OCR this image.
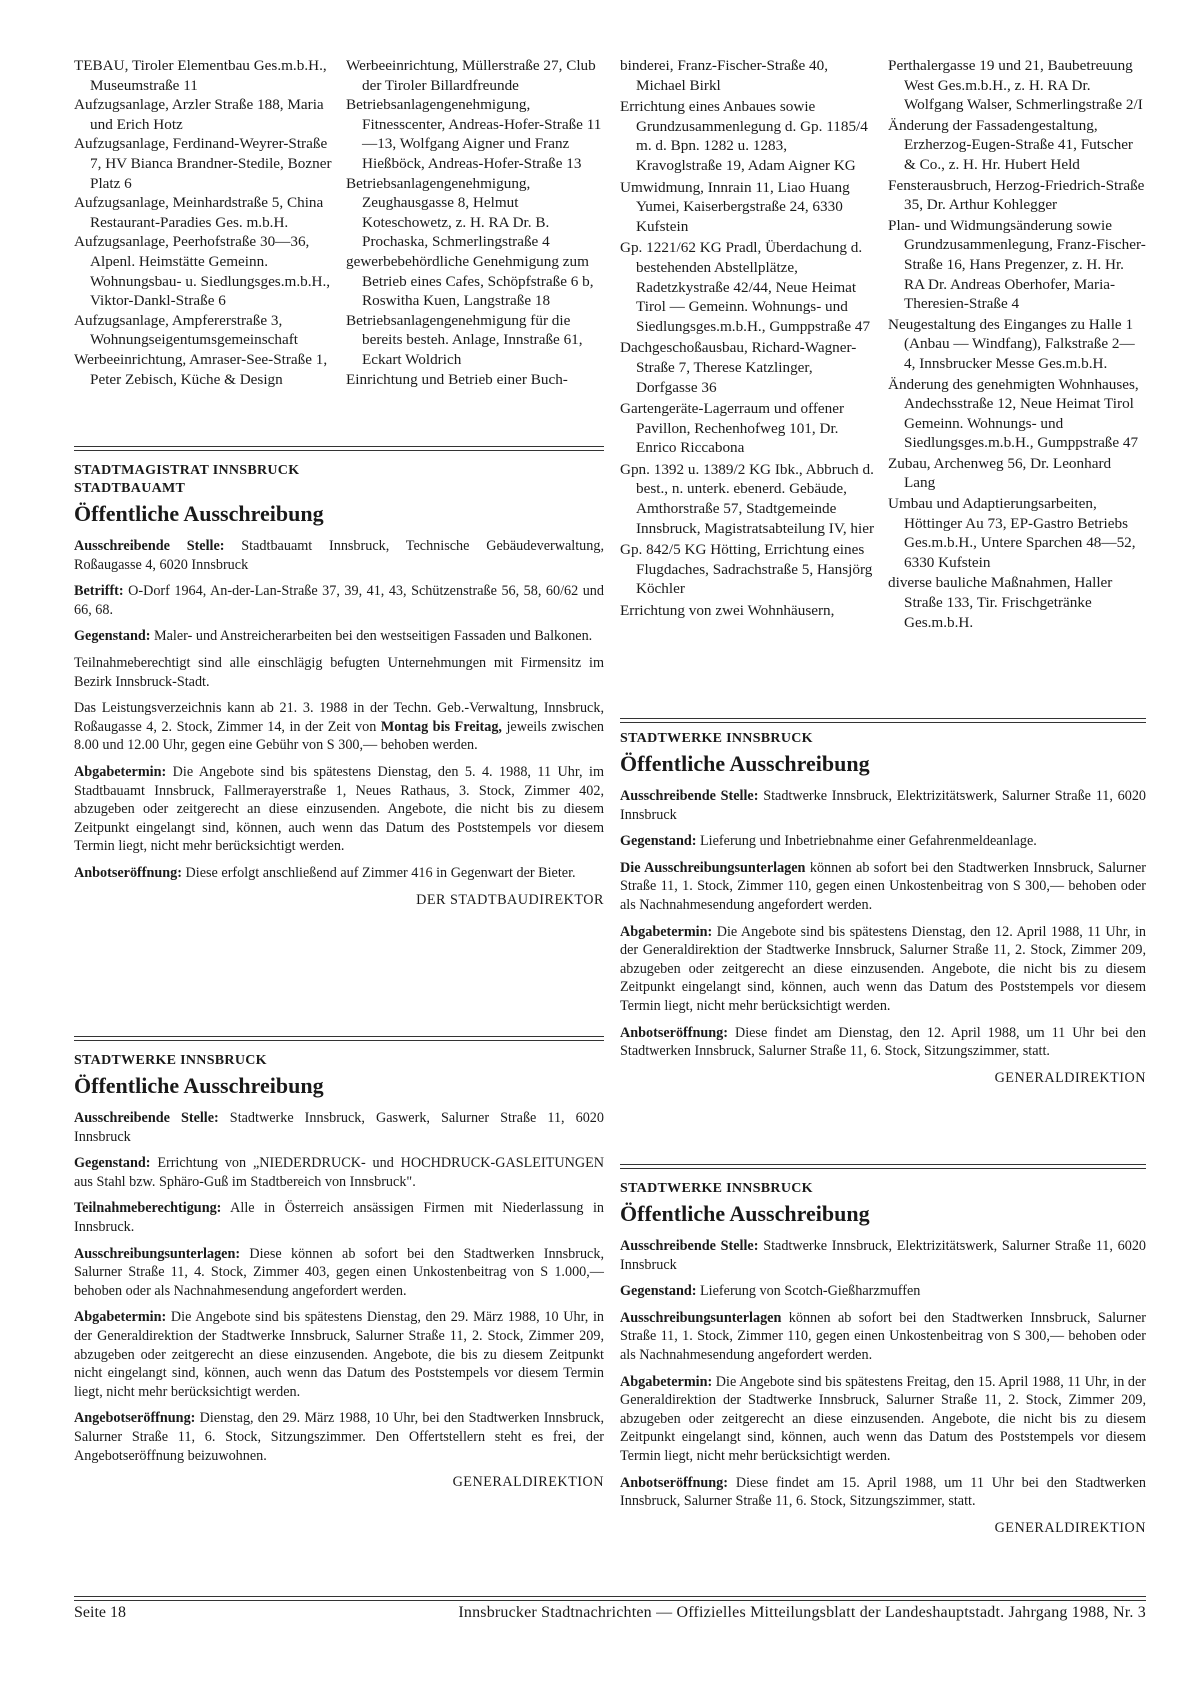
TEBAU, Tiroler Elementbau Ges.m.b.H., Museumstraße 11

Aufzugsanlage, Arzler Straße 188, Maria und Erich Hotz

Aufzugsanlage, Ferdinand-Weyrer-Straße 7, HV Bianca Brandner-Stedile, Bozner Platz 6

Aufzugsanlage, Meinhardstraße 5, China Restaurant-Paradies Ges. m.b.H.

Aufzugsanlage, Peerhofstraße 30—36, Alpenl. Heimstätte Gemeinn. Wohnungsbau- u. Siedlungsges.m.b.H., Viktor-Dankl-Straße 6

Aufzugsanlage, Ampfererstraße 3, Wohnungseigentumsgemeinschaft

Werbeeinrichtung, Amraser-See-Straße 1, Peter Zebisch, Küche & Design

Werbeeinrichtung, Müllerstraße 27, Club der Tiroler Billardfreunde

Betriebsanlagengenehmigung, Fitnesscenter, Andreas-Hofer-Straße 11—13, Wolfgang Aigner und Franz Hießböck, Andreas-Hofer-Straße 13

Betriebsanlagengenehmigung, Zeughausgasse 8, Helmut Koteschowetz, z. H. RA Dr. B. Prochaska, Schmerlingstraße 4

gewerbebehördliche Genehmigung zum Betrieb eines Cafes, Schöpfstraße 6 b, Roswitha Kuen, Langstraße 18

Betriebsanlagengenehmigung für die bereits besteh. Anlage, Innstraße 61, Eckart Woldrich

Einrichtung und Betrieb einer Buch-

binderei, Franz-Fischer-Straße 40, Michael Birkl

Errichtung eines Anbaues sowie Grundzusammenlegung d. Gp. 1185/4 m. d. Bpn. 1282 u. 1283, Kravoglstraße 19, Adam Aigner KG

Umwidmung, Innrain 11, Liao Huang Yumei, Kaiserbergstraße 24, 6330 Kufstein

Gp. 1221/62 KG Pradl, Überdachung d. bestehenden Abstellplätze, Radetzkystraße 42/44, Neue Heimat Tirol — Gemeinn. Wohnungs- und Siedlungsges.m.b.H., Gumppstraße 47

Dachgeschoßausbau, Richard-Wagner-Straße 7, Therese Katzlinger, Dorfgasse 36

Gartengeräte-Lagerraum und offener Pavillon, Rechenhofweg 101, Dr. Enrico Riccabona

Gpn. 1392 u. 1389/2 KG Ibk., Abbruch d. best., n. unterk. ebenerd. Gebäude, Amthorstraße 57, Stadtgemeinde Innsbruck, Magistratsabteilung IV, hier

Gp. 842/5 KG Hötting, Errichtung eines Flugdaches, Sadrachstraße 5, Hansjörg Köchler

Errichtung von zwei Wohnhäusern,

Perthalergasse 19 und 21, Baubetreuung West Ges.m.b.H., z. H. RA Dr. Wolfgang Walser, Schmerlingstraße 2/I

Änderung der Fassadengestaltung, Erzherzog-Eugen-Straße 41, Futscher & Co., z. H. Hr. Hubert Held

Fensterausbruch, Herzog-Friedrich-Straße 35, Dr. Arthur Kohlegger

Plan- und Widmungsänderung sowie Grundzusammenlegung, Franz-Fischer-Straße 16, Hans Pregenzer, z. H. Hr. RA Dr. Andreas Oberhofer, Maria-Theresien-Straße 4

Neugestaltung des Einganges zu Halle 1 (Anbau — Windfang), Falkstraße 2—4, Innsbrucker Messe Ges.m.b.H.

Änderung des genehmigten Wohnhauses, Andechsstraße 12, Neue Heimat Tirol Gemeinn. Wohnungs- und Siedlungsges.m.b.H., Gumppstraße 47

Zubau, Archenweg 56, Dr. Leonhard Lang

Umbau und Adaptierungsarbeiten, Höttinger Au 73, EP-Gastro Betriebs Ges.m.b.H., Untere Sparchen 48—52, 6330 Kufstein

diverse bauliche Maßnahmen, Haller Straße 133, Tir. Frischgetränke Ges.m.b.H.

STADTMAGISTRAT INNSBRUCK
STADTBAUAMT
Öffentliche Ausschreibung

Ausschreibende Stelle: Stadtbauamt Innsbruck, Technische Gebäudeverwaltung, Roßaugasse 4, 6020 Innsbruck

Betrifft: O-Dorf 1964, An-der-Lan-Straße 37, 39, 41, 43, Schützenstraße 56, 58, 60/62 und 66, 68.

Gegenstand: Maler- und Anstreicherarbeiten bei den westseitigen Fassaden und Balkonen.

Teilnahmeberechtigt sind alle einschlägig befugten Unternehmungen mit Firmensitz im Bezirk Innsbruck-Stadt.

Das Leistungsverzeichnis kann ab 21. 3. 1988 in der Techn. Geb.-Verwaltung, Innsbruck, Roßaugasse 4, 2. Stock, Zimmer 14, in der Zeit von Montag bis Freitag, jeweils zwischen 8.00 und 12.00 Uhr, gegen eine Gebühr von S 300,— behoben werden.

Abgabetermin: Die Angebote sind bis spätestens Dienstag, den 5. 4. 1988, 11 Uhr, im Stadtbauamt Innsbruck, Fallmerayerstraße 1, Neues Rathaus, 3. Stock, Zimmer 402, abzugeben oder zeitgerecht an diese einzusenden. Angebote, die nicht bis zu diesem Zeitpunkt eingelangt sind, können, auch wenn das Datum des Poststempels vor diesem Termin liegt, nicht mehr berücksichtigt werden.

Anbotseröffnung: Diese erfolgt anschließend auf Zimmer 416 in Gegenwart der Bieter.

DER STADTBAUDIREKTOR
STADTWERKE INNSBRUCK
Öffentliche Ausschreibung

Ausschreibende Stelle: Stadtwerke Innsbruck, Gaswerk, Salurner Straße 11, 6020 Innsbruck

Gegenstand: Errichtung von „NIEDERDRUCK- und HOCHDRUCK-GASLEITUNGEN aus Stahl bzw. Sphäro-Guß im Stadtbereich von Innsbruck".

Teilnahmeberechtigung: Alle in Österreich ansässigen Firmen mit Niederlassung in Innsbruck.

Ausschreibungsunterlagen: Diese können ab sofort bei den Stadtwerken Innsbruck, Salurner Straße 11, 4. Stock, Zimmer 403, gegen einen Unkostenbeitrag von S 1.000,— behoben oder als Nachnahmesendung angefordert werden.

Abgabetermin: Die Angebote sind bis spätestens Dienstag, den 29. März 1988, 10 Uhr, in der Generaldirektion der Stadtwerke Innsbruck, Salurner Straße 11, 2. Stock, Zimmer 209, abzugeben oder zeitgerecht an diese einzusenden. Angebote, die bis zu diesem Zeitpunkt nicht eingelangt sind, können, auch wenn das Datum des Poststempels vor diesem Termin liegt, nicht mehr berücksichtigt werden.

Angebotseröffnung: Dienstag, den 29. März 1988, 10 Uhr, bei den Stadtwerken Innsbruck, Salurner Straße 11, 6. Stock, Sitzungszimmer. Den Offertstellern steht es frei, der Angebotseröffnung beizuwohnen.

GENERALDIREKTION
STADTWERKE INNSBRUCK
Öffentliche Ausschreibung

Ausschreibende Stelle: Stadtwerke Innsbruck, Elektrizitätswerk, Salurner Straße 11, 6020 Innsbruck

Gegenstand: Lieferung und Inbetriebnahme einer Gefahrenmeldeanlage.

Die Ausschreibungsunterlagen können ab sofort bei den Stadtwerken Innsbruck, Salurner Straße 11, 1. Stock, Zimmer 110, gegen einen Unkostenbeitrag von S 300,— behoben oder als Nachnahmesendung angefordert werden.

Abgabetermin: Die Angebote sind bis spätestens Dienstag, den 12. April 1988, 11 Uhr, in der Generaldirektion der Stadtwerke Innsbruck, Salurner Straße 11, 2. Stock, Zimmer 209, abzugeben oder zeitgerecht an diese einzusenden. Angebote, die nicht bis zu diesem Zeitpunkt eingelangt sind, können, auch wenn das Datum des Poststempels vor diesem Termin liegt, nicht mehr berücksichtigt werden.

Anbotseröffnung: Diese findet am Dienstag, den 12. April 1988, um 11 Uhr bei den Stadtwerken Innsbruck, Salurner Straße 11, 6. Stock, Sitzungszimmer, statt.

GENERALDIREKTION
STADTWERKE INNSBRUCK
Öffentliche Ausschreibung

Ausschreibende Stelle: Stadtwerke Innsbruck, Elektrizitätswerk, Salurner Straße 11, 6020 Innsbruck

Gegenstand: Lieferung von Scotch-Gießharzmuffen

Ausschreibungsunterlagen können ab sofort bei den Stadtwerken Innsbruck, Salurner Straße 11, 1. Stock, Zimmer 110, gegen einen Unkostenbeitrag von S 300,— behoben oder als Nachnahmesendung angefordert werden.

Abgabetermin: Die Angebote sind bis spätestens Freitag, den 15. April 1988, 11 Uhr, in der Generaldirektion der Stadtwerke Innsbruck, Salurner Straße 11, 2. Stock, Zimmer 209, abzugeben oder zeitgerecht an diese einzusenden. Angebote, die nicht bis zu diesem Zeitpunkt eingelangt sind, können, auch wenn das Datum des Poststempels vor diesem Termin liegt, nicht mehr berücksichtigt werden.

Anbotseröffnung: Diese findet am 15. April 1988, um 11 Uhr bei den Stadtwerken Innsbruck, Salurner Straße 11, 6. Stock, Sitzungszimmer, statt.

GENERALDIREKTION
Seite 18	Innsbrucker Stadtnachrichten — Offizielles Mitteilungsblatt der Landeshauptstadt. Jahrgang 1988, Nr. 3
